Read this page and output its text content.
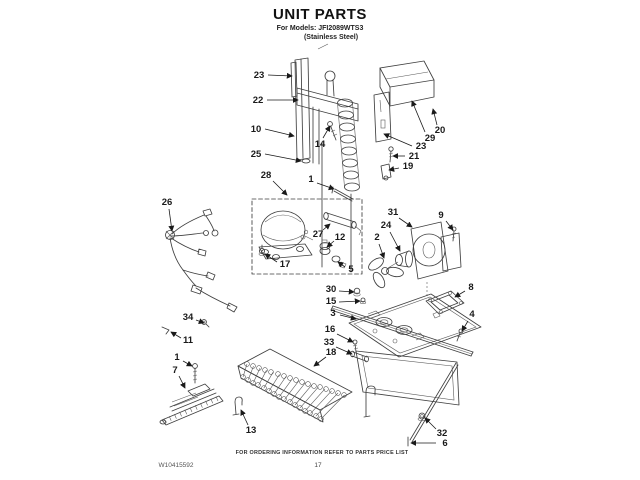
UNIT PARTS
For Models: JFI2089WTS3
(Stainless Steel)
23
22
10
25
14
28	1
26
20
29
23
21
19
27 12
17	5
2
24
31	9
8
4
30
15
3
16
33
18
34
11
1
7
13	32
6
FOR ORDERING INFORMATION REFER TO PARTS PRICE LIST
W10415592	17
